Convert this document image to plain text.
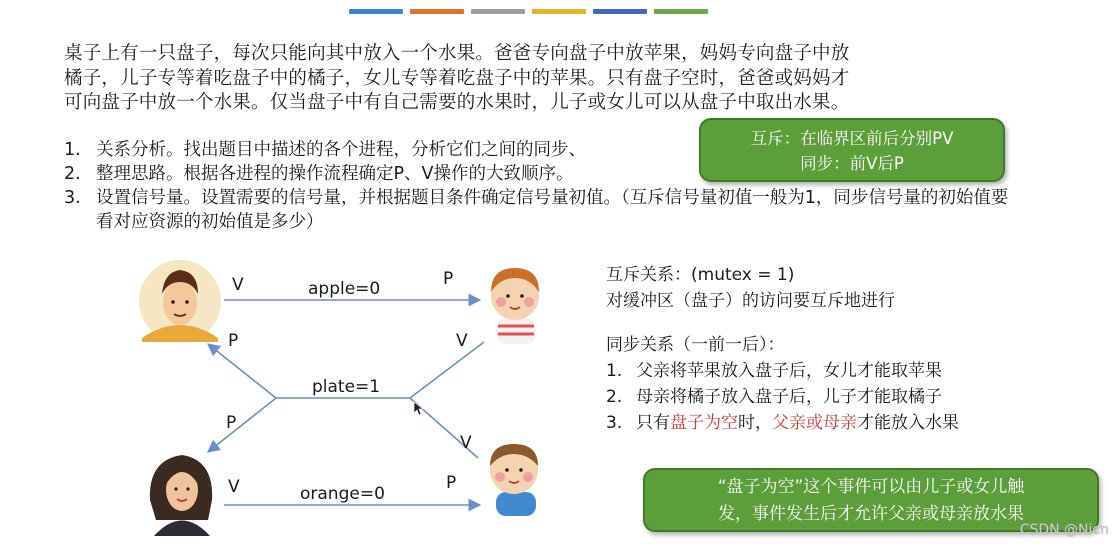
桌子上有一只盘子，每次只能向其中放入一个水果。爸爸专向盘子中放苹果，妈妈专向盘子中放
橘子，儿子专等着吃盘子中的橘子，女儿专等着吃盘子中的苹果。只有盘子空时，爸爸或妈妈才
可向盘子中放一个水果。仅当盘子中有自己需要的水果时，儿子或女儿可以从盘子中取出水果。

1. 关系分析。找出题目中描述的各个进程，分析它们之间的同步、
2. 整理思路。根据各进程的操作流程确定P、V操作的大致顺序。
3. 设置信号量。设置需要的信号量，并根据题目条件确定信号量初值。（互斥信号量初值一般为1，同步信号量的初始值要看对应资源的初始值是多少）
互斥：在临界区前后分别PV
同步：前V后P
apple=0
plate=1
orange=0
V	P
P	V
P
V
V	P

互斥关系：(mutex = 1)

对缓冲区（盘子）的访问要互斥地进行

同步关系（一前一后）：

1. 父亲将苹果放入盘子后，女儿才能取苹果
2. 母亲将橘子放入盘子后，儿子才能取橘子
3. 只有盘子为空时，父亲或母亲才能放入水果
“盘子为空”这个事件可以由儿子或女儿触
发，事件发生后才允许父亲或母亲放水果
CSDN @Nicn
